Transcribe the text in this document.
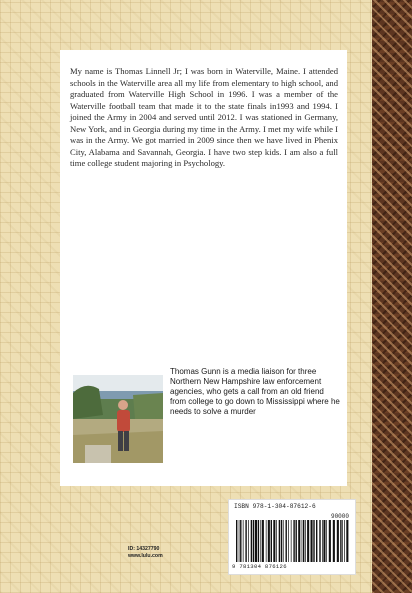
My name is Thomas Linnell Jr; I was born in Waterville, Maine. I attended schools in the Waterville area all my life from elementary to high school, and graduated from Waterville High School in 1996. I was a member of the Waterville football team that made it to the state finals in1993 and 1994. I joined the Army in 2004 and served until 2012. I was stationed in Germany, New York, and in Georgia during my time in the Army. I met my wife while I was in the Army. We got married in 2009 since then we have lived in Phenix City, Alabama and Savannah, Georgia. I have two step kids. I am also a full time college student majoring in Psychology.

Thomas Gunn is a media liaison for three Northern New Hampshire law enforcement agencies, who gets a call from an old friend from college to go down to Mississippi where he needs to solve a murder

ID: 14327790
www.lulu.com
ISBN 978-1-304-87612-6
90000
9 781304 876126
